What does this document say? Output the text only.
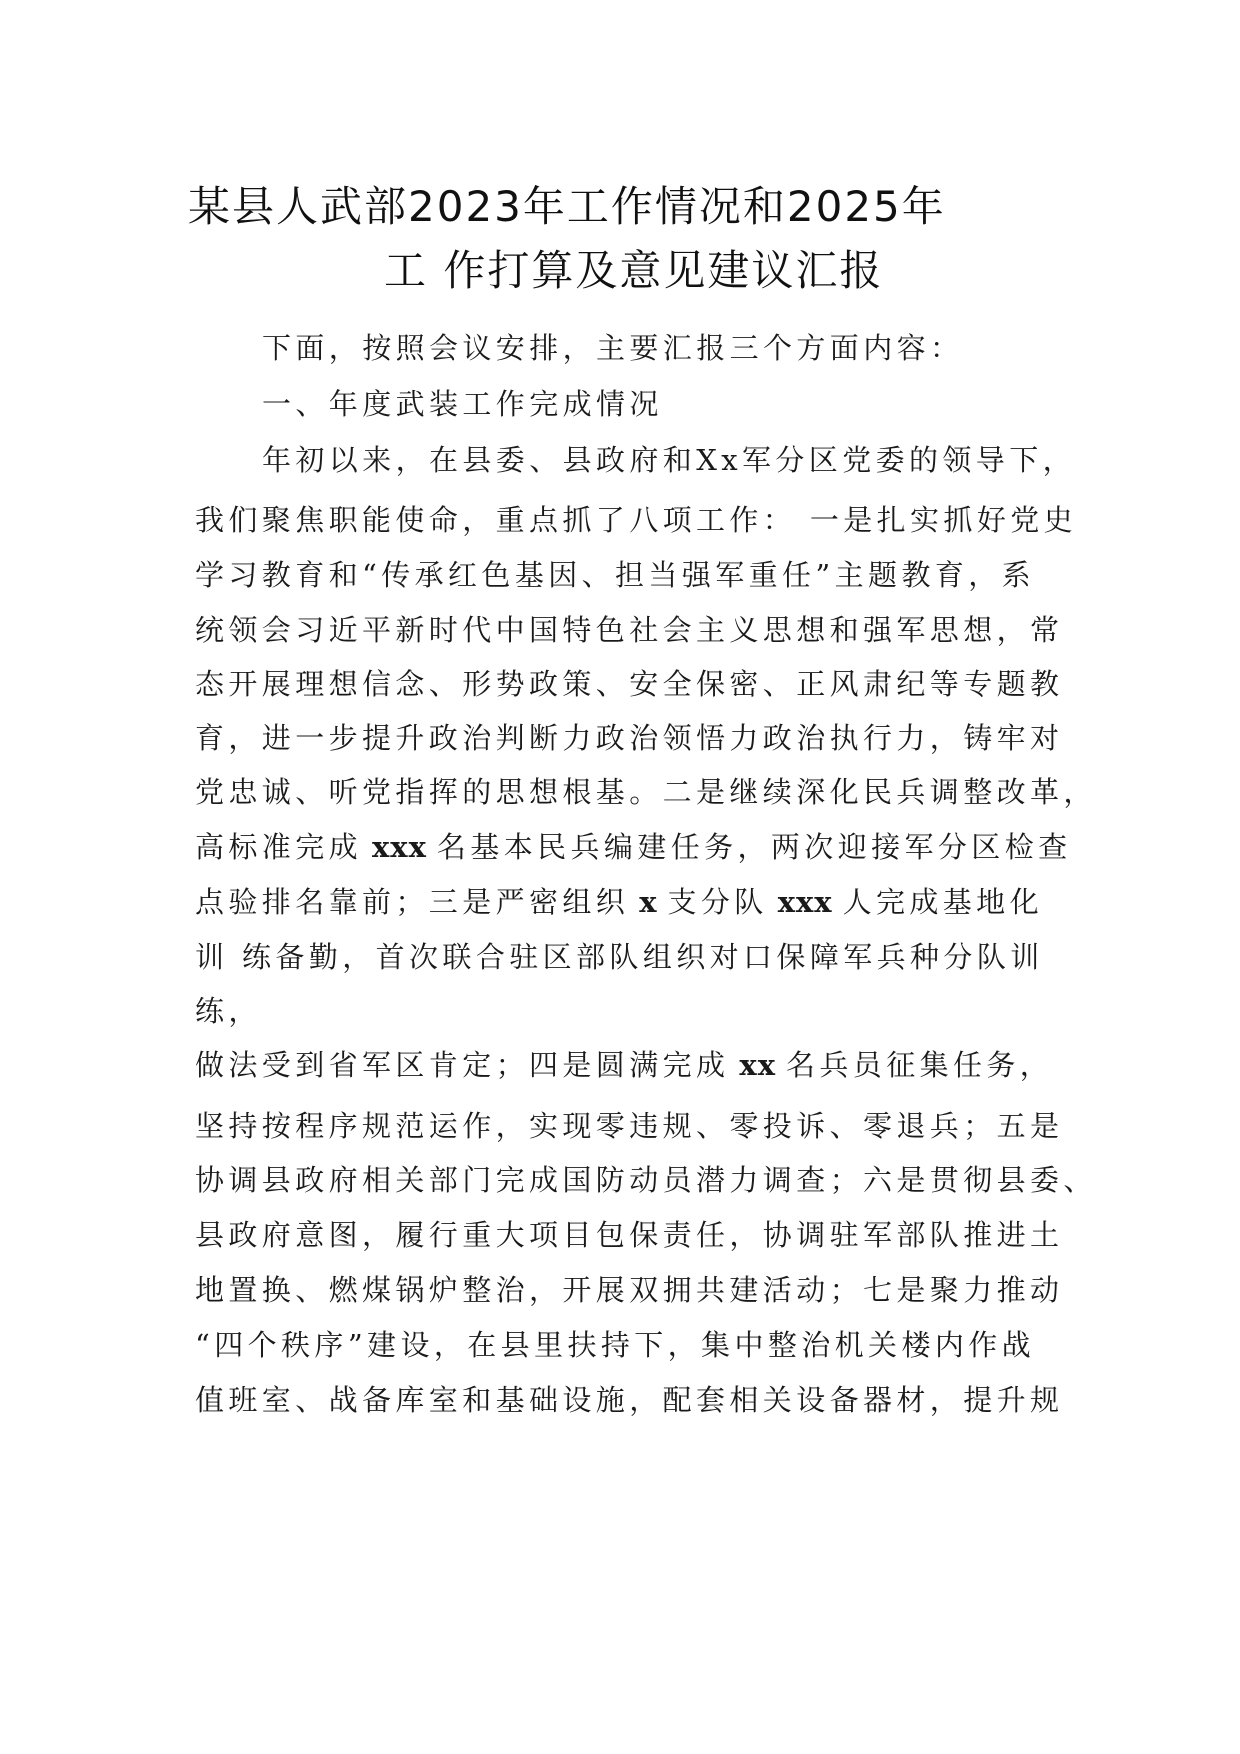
某县人武部2023年工作情况和2025年
工 作打算及意见建议汇报
下面，按照会议安排，主要汇报三个方面内容：
一、年度武装工作完成情况
年初以来，在县委、县政府和Xx军分区党委的领导下，
我们聚焦职能使命，重点抓了八项工作： 一是扎实抓好党史
学习教育和“传承红色基因、担当强军重任”主题教育，系
统领会习近平新时代中国特色社会主义思想和强军思想，常
态开展理想信念、形势政策、安全保密、正风肃纪等专题教
育，进一步提升政治判断力政治领悟力政治执行力，铸牢对
党忠诚、听党指挥的思想根基。二是继续深化民兵调整改革，
高标准完成 xxx 名基本民兵编建任务，两次迎接军分区检查
点验排名靠前；三是严密组织 x 支分队 xxx 人完成基地化
训 练备勤，首次联合驻区部队组织对口保障军兵种分队训
练，
做法受到省军区肯定；四是圆满完成 xx 名兵员征集任务，
坚持按程序规范运作，实现零违规、零投诉、零退兵；五是
协调县政府相关部门完成国防动员潜力调查；六是贯彻县委、
县政府意图，履行重大项目包保责任，协调驻军部队推进土
地置换、燃煤锅炉整治，开展双拥共建活动；七是聚力推动
“四个秩序”建设，在县里扶持下，集中整治机关楼内作战
值班室、战备库室和基础设施，配套相关设备器材，提升规
